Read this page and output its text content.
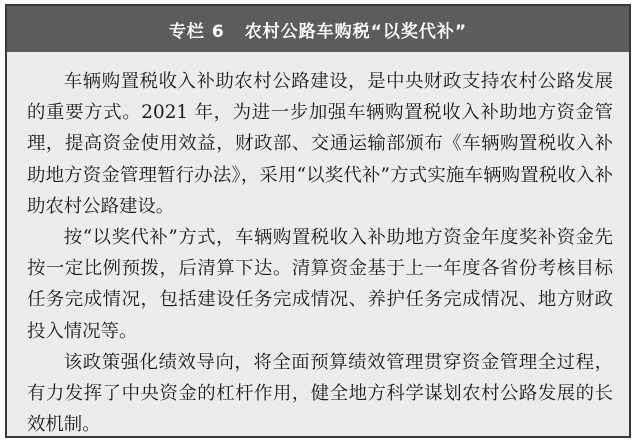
专栏 6 农村公路车购税“以奖代补”

车辆购置税收入补助农村公路建设，是中央财政支持农村公路发展的重要方式。2021 年，为进一步加强车辆购置税收入补助地方资金管理，提高资金使用效益，财政部、交通运输部颁布《车辆购置税收入补助地方资金管理暂行办法》，采用“以奖代补”方式实施车辆购置税收入补助农村公路建设。

按“以奖代补”方式，车辆购置税收入补助地方资金年度奖补资金先按一定比例预拨，后清算下达。清算资金基于上一年度各省份考核目标任务完成情况，包括建设任务完成情况、养护任务完成情况、地方财政投入情况等。

该政策强化绩效导向，将全面预算绩效管理贯穿资金管理全过程，有力发挥了中央资金的杠杆作用，健全地方科学谋划农村公路发展的长效机制。
